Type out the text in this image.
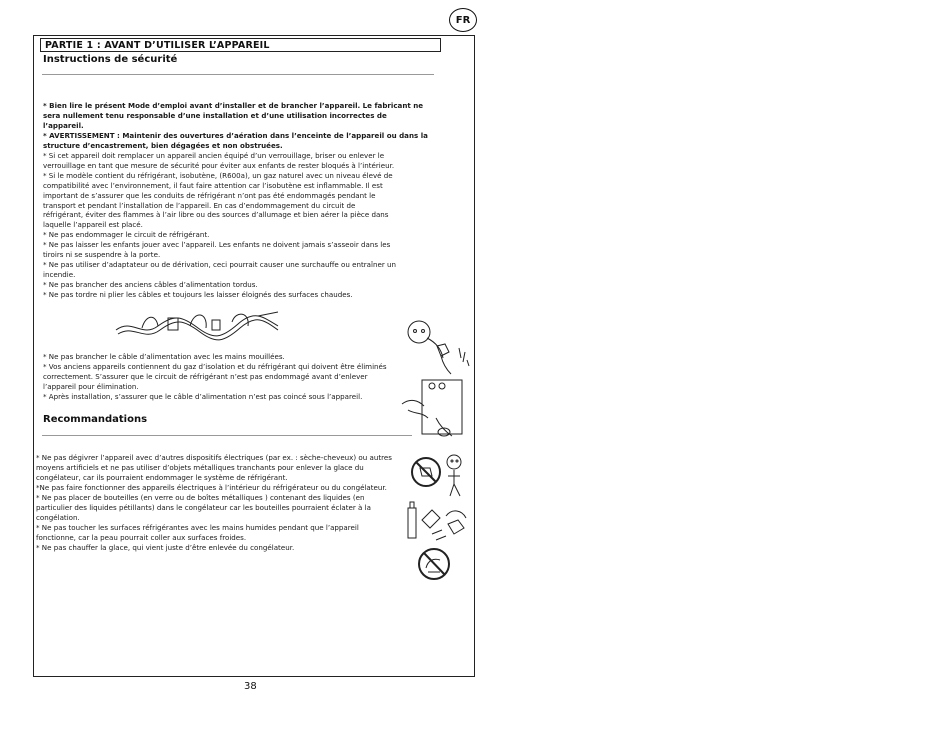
FR
PARTIE 1 : AVANT D’UTILISER L’APPAREIL
Instructions de sécurité

* Bien lire le présent Mode d’emploi avant d’installer et de brancher l’appareil. Le fabricant ne

sera nullement tenu responsable d’une installation et d’une utilisation incorrectes de

l’appareil.

* AVERTISSEMENT : Maintenir des ouvertures d’aération dans l’enceinte de l’appareil ou dans la

structure d’encastrement, bien dégagées et non obstruées.

* Si cet appareil doit remplacer un appareil ancien équipé d’un verrouillage, briser ou enlever le

verrouillage en tant que mesure de sécurité pour éviter aux enfants de rester bloqués à l’intérieur.

* Si le modèle contient du réfrigérant, isobutène, (R600a), un gaz naturel avec un niveau élevé de

compatibilité avec l’environnement, il faut faire attention car l’isobutène est inflammable. Il est

important de s’assurer que les conduits de réfrigérant n’ont pas été endommagés pendant le

transport et pendant l’installation de l’appareil. En cas d’endommagement du circuit de

réfrigérant, éviter des flammes à l’air libre ou des sources d’allumage et bien aérer la pièce dans

laquelle l’appareil est placé.

* Ne pas endommager le circuit de réfrigérant.

* Ne pas laisser les enfants jouer avec l’appareil. Les enfants ne doivent jamais s’asseoir dans les

tiroirs ni se suspendre à la porte.

* Ne pas utiliser d’adaptateur ou de dérivation, ceci pourrait causer une surchauffe ou entraîner un

incendie.

* Ne pas brancher des anciens câbles d’alimentation tordus.

* Ne pas tordre ni plier les câbles et toujours les laisser éloignés des surfaces chaudes.

* Ne pas brancher le câble d’alimentation avec les mains mouillées.

* Vos anciens appareils contiennent du gaz d’isolation et du réfrigérant qui doivent être éliminés

correctement. S’assurer que le circuit de réfrigérant n’est pas endommagé avant d’enlever

l’appareil pour élimination.

* Après installation, s’assurer que le câble d’alimentation n’est pas coincé sous l’appareil.

Recommandations

* Ne pas dégivrer l’appareil avec d’autres dispositifs électriques (par ex. : sèche-cheveux) ou autres

moyens artificiels et ne pas utiliser d’objets métalliques tranchants pour enlever la glace du

congélateur, car ils pourraient endommager le système de réfrigérant.

*Ne pas faire fonctionner des appareils électriques à l’intérieur du réfrigérateur ou du congélateur.

* Ne pas placer de bouteilles (en verre ou de boîtes métalliques ) contenant des liquides (en

particulier des liquides pétillants) dans le congélateur car les bouteilles pourraient éclater à la

congélation.

* Ne pas toucher les surfaces réfrigérantes avec les mains humides pendant que l’appareil

fonctionne, car la peau pourrait coller aux surfaces froides.

* Ne pas chauffer la glace, qui vient juste d’être enlevée du congélateur.

38
